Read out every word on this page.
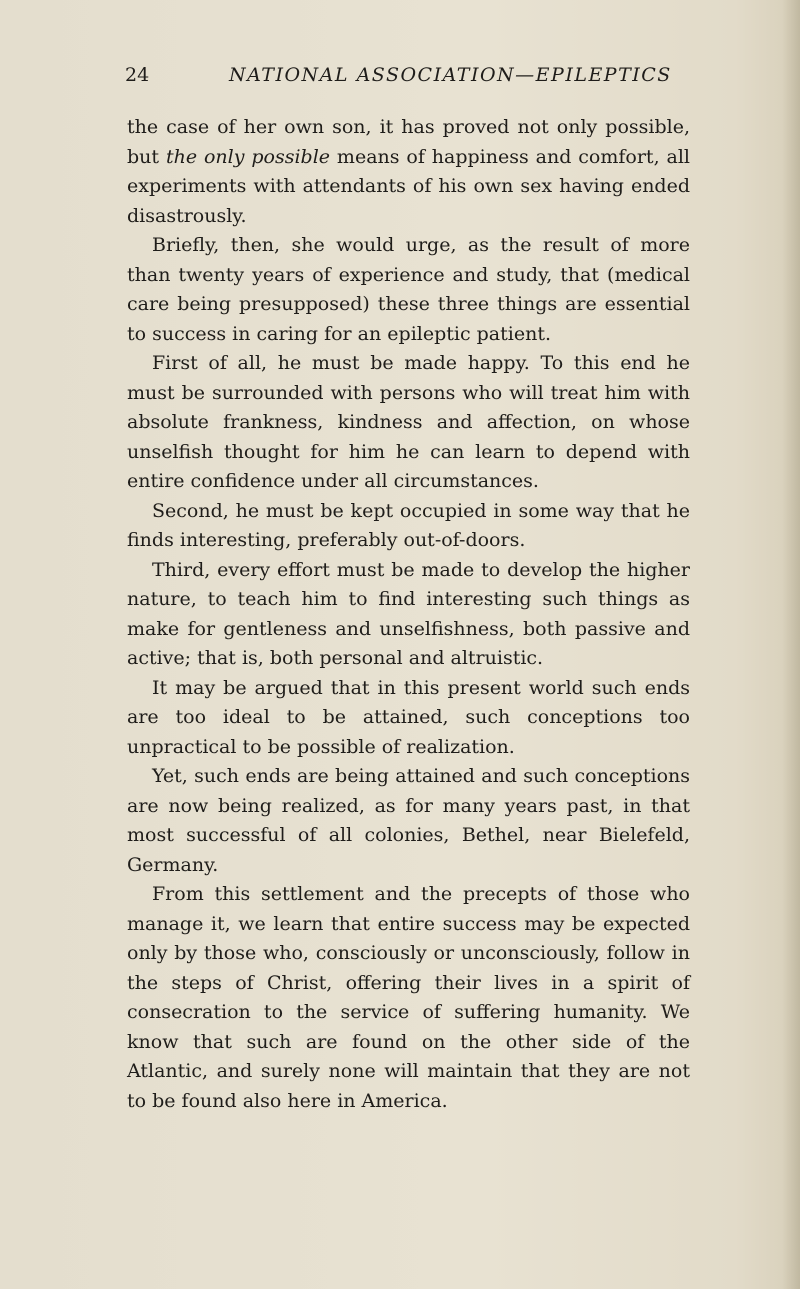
24	NATIONAL ASSOCIATION—EPILEPTICS

the case of her own son, it has proved not only possible, but the only possible means of happiness and comfort, all experiments with attendants of his own sex having ended disastrously.

Briefly, then, she would urge, as the result of more than twenty years of experience and study, that (medical care being presupposed) these three things are essential to success in caring for an epileptic patient.

First of all, he must be made happy. To this end he must be surrounded with persons who will treat him with absolute frankness, kindness and affection, on whose unselfish thought for him he can learn to depend with entire confidence under all circumstances.

Second, he must be kept occupied in some way that he finds interesting, preferably out-of-doors.

Third, every effort must be made to develop the higher nature, to teach him to find interesting such things as make for gentleness and unselfishness, both passive and active; that is, both personal and altruistic.

It may be argued that in this present world such ends are too ideal to be attained, such conceptions too unpractical to be possible of realization.

Yet, such ends are being attained and such conceptions are now being realized, as for many years past, in that most successful of all colonies, Bethel, near Bielefeld, Germany.

From this settlement and the precepts of those who manage it, we learn that entire success may be expected only by those who, consciously or unconsciously, follow in the steps of Christ, offering their lives in a spirit of consecration to the service of suffering humanity. We know that such are found on the other side of the Atlantic, and surely none will maintain that they are not to be found also here in America.
